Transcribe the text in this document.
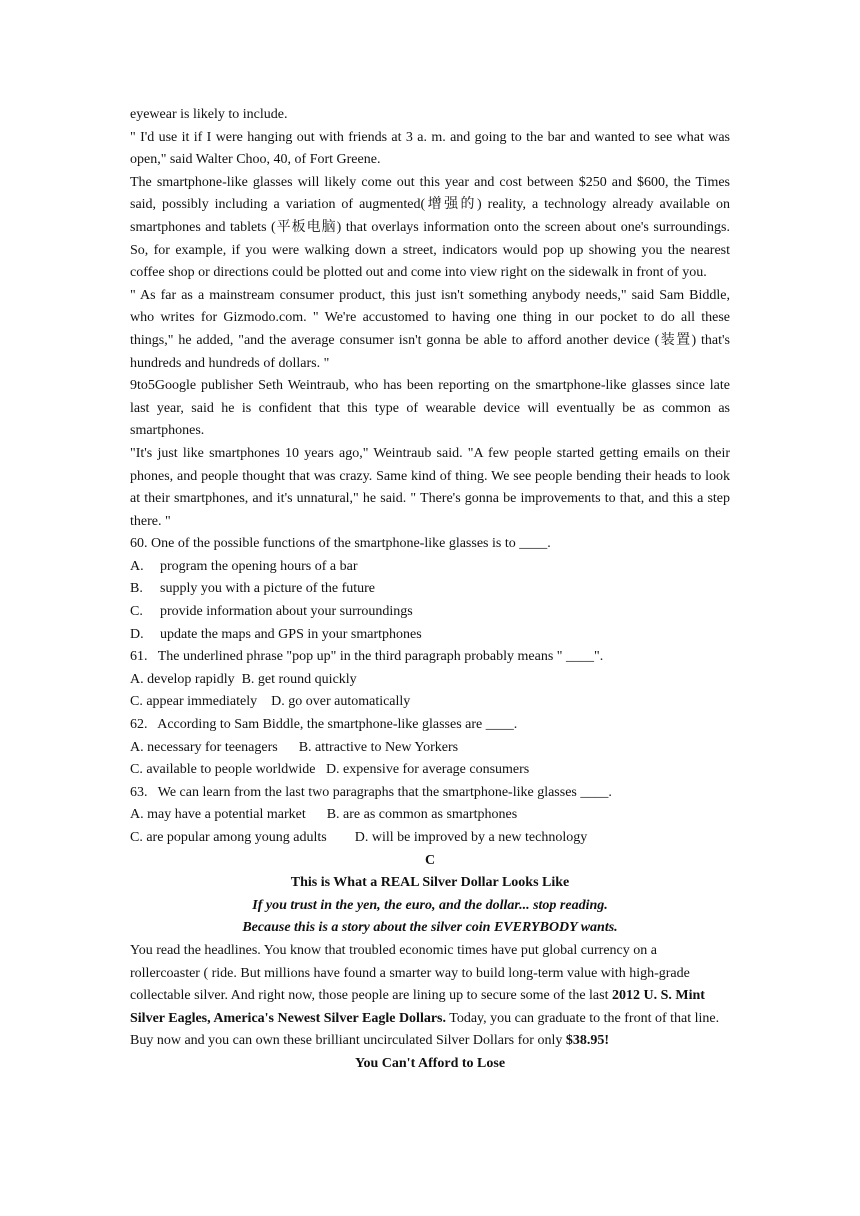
eyewear is likely to include.

" I'd use it if I were hanging out with friends at 3 a. m. and going to the bar and wanted to see what was open," said Walter Choo, 40, of Fort Greene.

The smartphone-like glasses will likely come out this year and cost between $250 and $600, the Times said, possibly including a variation of augmented(增强的) reality, a technology already available on smartphones and tablets (平板电脑) that overlays information onto the screen about one's surroundings. So, for example, if you were walking down a street, indicators would pop up showing you the nearest coffee shop or directions could be plotted out and come into view right on the sidewalk in front of you.

" As far as a mainstream consumer product, this just isn't something anybody needs," said Sam Biddle, who writes for Gizmodo.com. " We're accustomed to having one thing in our pocket to do all these things," he added, "and the average consumer isn't gonna be able to afford another device (装置) that's hundreds and hundreds of dollars. "

9to5Google publisher Seth Weintraub, who has been reporting on the smartphone-like glasses since late last year, said he is confident that this type of wearable device will eventually be as common as smartphones.

"It's just like smartphones 10 years ago," Weintraub said. "A few people started getting emails on their phones, and people thought that was crazy. Same kind of thing. We see people bending their heads to look at their smartphones, and it's unnatural," he said. " There's gonna be improvements to that, and this a step there. "

60. One of the possible functions of the smartphone-like glasses is to ____.

A.	program the opening hours of a bar
B.	supply you with a picture of the future
C.	provide information about your surroundings
D.	update the maps and GPS in your smartphones

61.   The underlined phrase "pop up" in the third paragraph probably means " ____".

A. develop rapidly  B. get round quickly

C. appear immediately    D. go over automatically

62.   According to Sam Biddle, the smartphone-like glasses are ____.

A. necessary for teenagers      B. attractive to New Yorkers

C. available to people worldwide   D. expensive for average consumers

63.   We can learn from the last two paragraphs that the smartphone-like glasses ____.

A. may have a potential market      B. are as common as smartphones

C. are popular among young adults        D. will be improved by a new technology

C

This is What a REAL Silver Dollar Looks Like

If you trust in the yen, the euro, and the dollar... stop reading.

Because this is a story about the silver coin EVERYBODY wants.

You read the headlines. You know that troubled economic times have put global currency on a rollercoaster ( ride. But millions have found a smarter way to build long-term value with high-grade collectable silver. And right now, those people are lining up to secure some of the last 2012 U. S. Mint Silver Eagles, America's Newest Silver Eagle Dollars. Today, you can graduate to the front of that line. Buy now and you can own these brilliant uncirculated Silver Dollars for only $38.95!

You Can't Afford to Lose
